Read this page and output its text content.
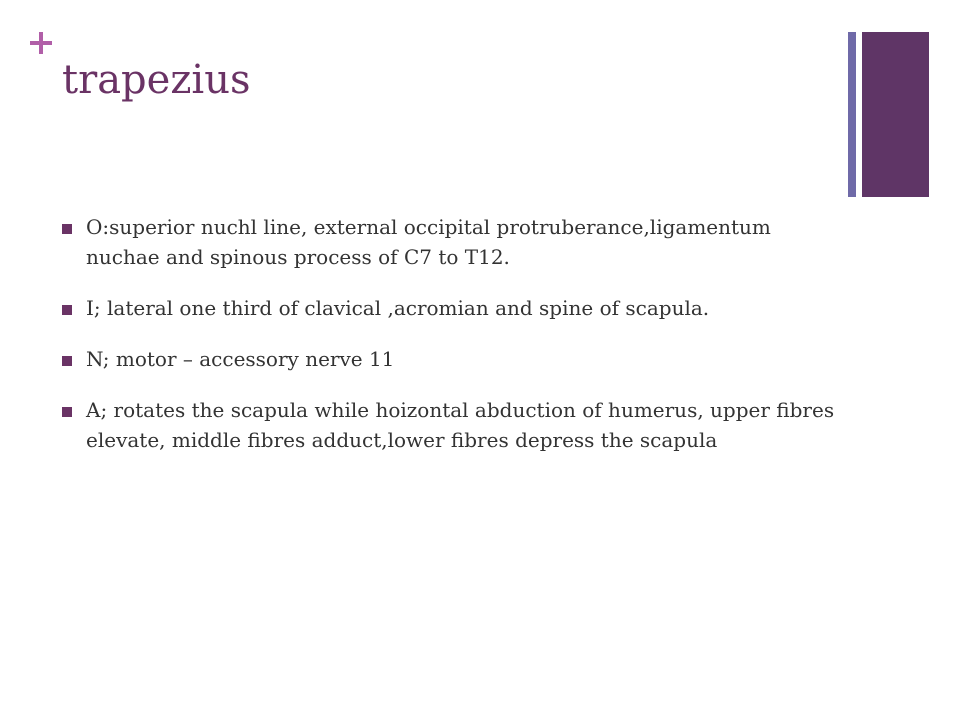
trapezius
O:superior nuchl line, external occipital protruberance,ligamentum nuchae and spinous process of C7 to T12.
I; lateral one third of clavical ,acromian and spine of scapula.
N; motor – accessory nerve 11
A; rotates the scapula while hoizontal abduction of humerus, upper fibres elevate, middle fibres adduct,lower fibres depress the scapula
